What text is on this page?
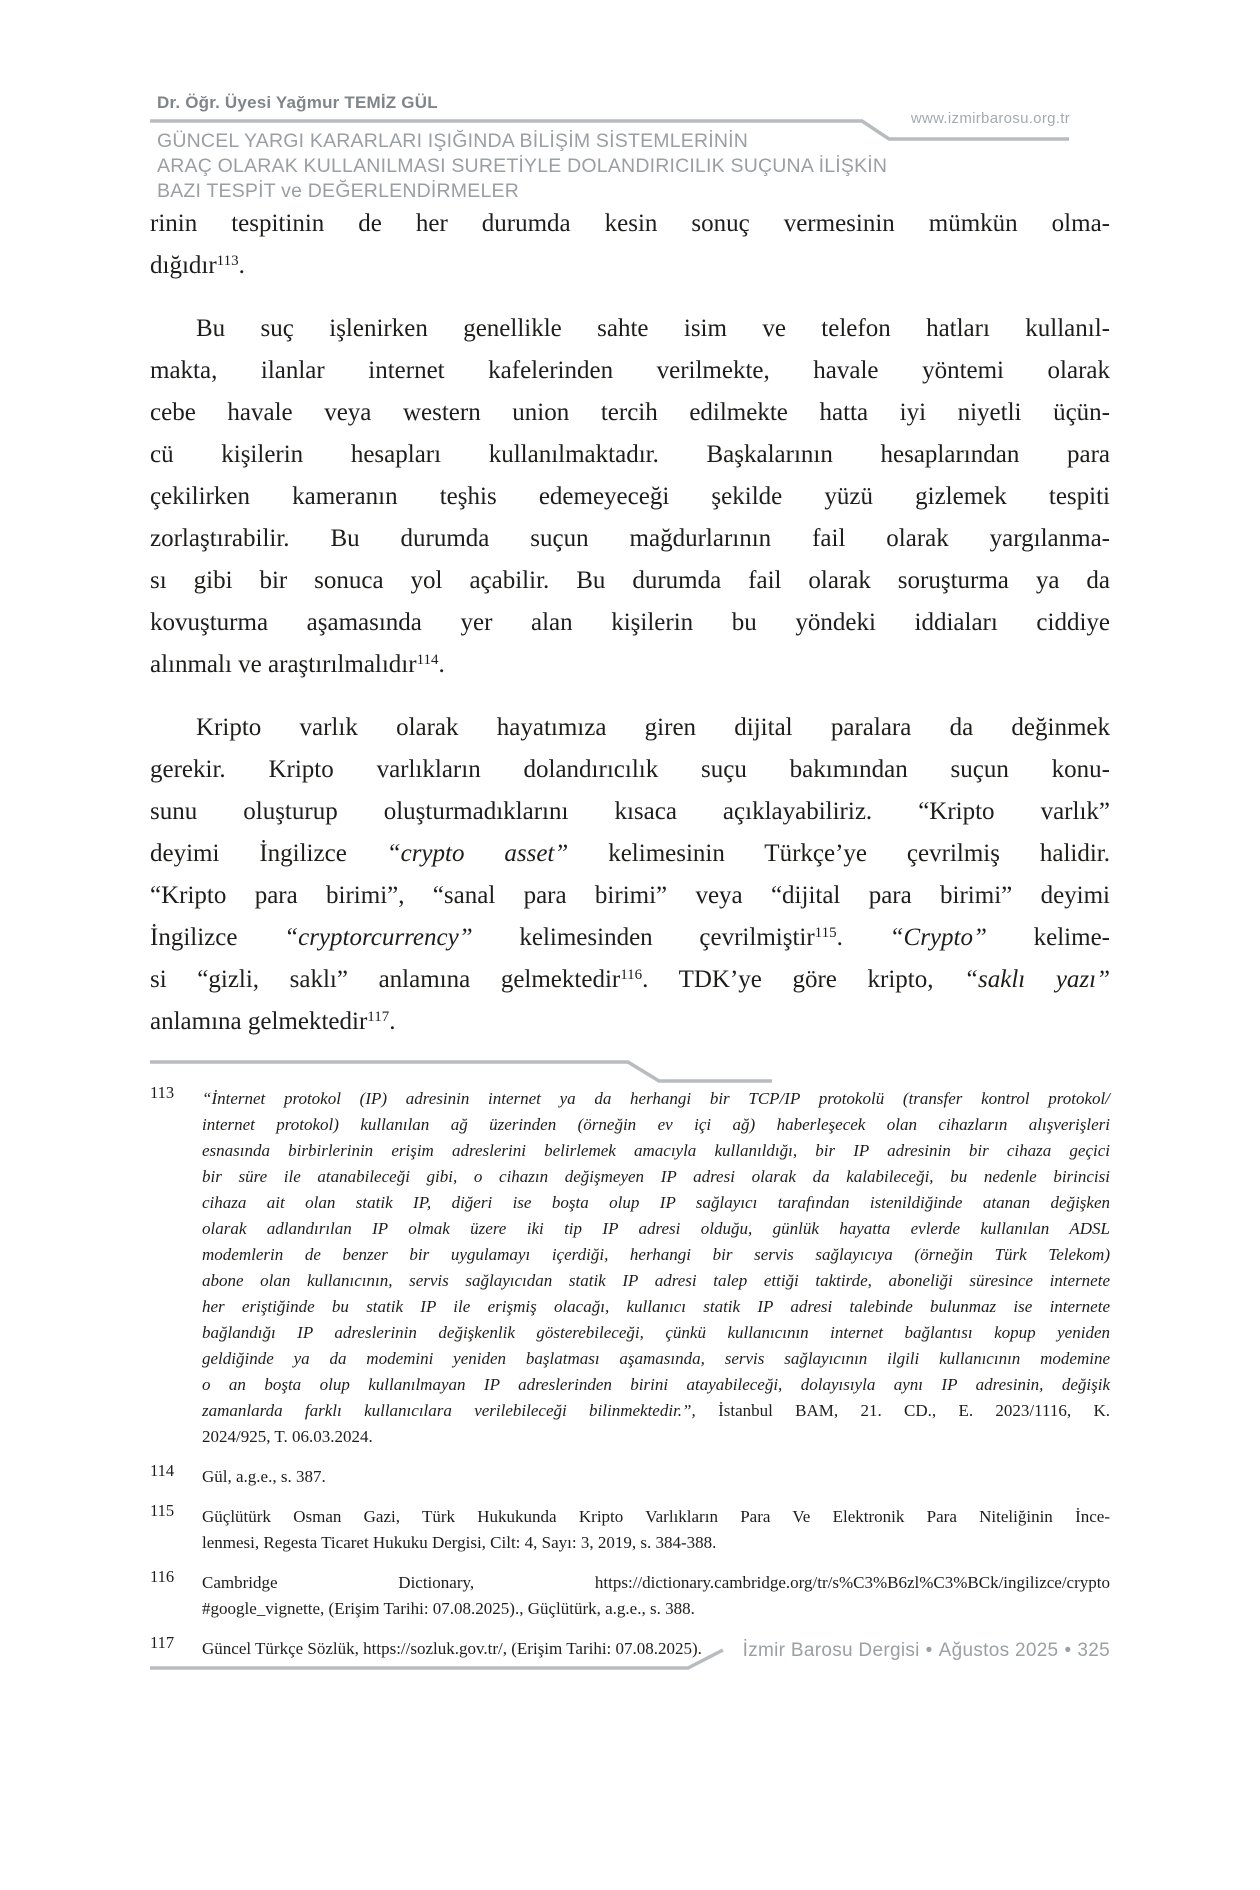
Dr. Öğr. Üyesi Yağmur TEMİZ GÜL
www.izmirbarosu.org.tr
GÜNCEL YARGI KARARLARI IŞIĞINDA BİLİŞİM SİSTEMLERİNİN
ARAÇ OLARAK KULLANILMASI SURETİYLE DOLANDIRICILIK SUÇUNA İLİŞKİN
BAZI TESPİT ve DEĞERLENDİRMELER
rinin tespitinin de her durumda kesin sonuç vermesinin mümkün olma-
dığıdır$^{113}$.
Bu suç işlenirken genellikle sahte isim ve telefon hatları kullanıl-
makta, ilanlar internet kafelerinden verilmekte, havale yöntemi olarak
cebe havale veya western union tercih edilmekte hatta iyi niyetli üçün-
cü kişilerin hesapları kullanılmaktadır. Başkalarının hesaplarından para
çekilirken kameranın teşhis edemeyeceği şekilde yüzü gizlemek tespiti
zorlaştırabilir. Bu durumda suçun mağdurlarının fail olarak yargılanma-
sı gibi bir sonuca yol açabilir. Bu durumda fail olarak soruşturma ya da
kovuşturma aşamasında yer alan kişilerin bu yöndeki iddiaları ciddiye
alınmalı ve araştırılmalıdır$^{114}$.
Kripto varlık olarak hayatımıza giren dijital paralara da değinmek
gerekir. Kripto varlıkların dolandırıcılık suçu bakımından suçun konu-
sunu oluşturup oluşturmadıklarını kısaca açıklayabiliriz. “Kripto varlık”
deyimi İngilizce “crypto asset” kelimesinin Türkçe’ye çevrilmiş halidir.
“Kripto para birimi”, “sanal para birimi” veya “dijital para birimi” deyimi
İngilizce “cryptorcurrency” kelimesinden çevrilmiştir$^{115}$. “Crypto” kelime-
si “gizli, saklı” anlamına gelmektedir$^{116}$. TDK’ye göre kripto, “saklı yazı”
anlamına gelmektedir$^{117}$.
113 “İnternet protokol (IP) adresinin internet ya da herhangi bir TCP/IP protokolü (transfer kontrol protokol/
internet protokol) kullanılan ağ üzerinden (örneğin ev içi ağ) haberleşecek olan cihazların alışverişleri
esnasında birbirlerinin erişim adreslerini belirlemek amacıyla kullanıldığı, bir IP adresinin bir cihaza geçici
bir süre ile atanabileceği gibi, o cihazın değişmeyen IP adresi olarak da kalabileceği, bu nedenle birincisi
cihaza ait olan statik IP, diğeri ise boşta olup IP sağlayıcı tarafından istenildiğinde atanan değişken
olarak adlandırılan IP olmak üzere iki tip IP adresi olduğu, günlük hayatta evlerde kullanılan ADSL
modemlerin de benzer bir uygulamayı içerdiği, herhangi bir servis sağlayıcıya (örneğin Türk Telekom)
abone olan kullanıcının, servis sağlayıcıdan statik IP adresi talep ettiği taktirde, aboneliği süresince internete
her eriştiğinde bu statik IP ile erişmiş olacağı, kullanıcı statik IP adresi talebinde bulunmaz ise internete
bağlandığı IP adreslerinin değişkenlik gösterebileceği, çünkü kullanıcının internet bağlantısı kopup yeniden
geldiğinde ya da modemini yeniden başlatması aşamasında, servis sağlayıcının ilgili kullanıcının modemine
o an boşta olup kullanılmayan IP adreslerinden birini atayabileceği, dolayısıyla aynı IP adresinin, değişik
zamanlarda farklı kullanıcılara verilebileceği bilinmektedir.”, İstanbul BAM, 21. CD., E. 2023/1116, K.
2024/925, T. 06.03.2024.
114 Gül, a.g.e., s. 387.
115 Güçlütürk Osman Gazi, Türk Hukukunda Kripto Varlıkların Para Ve Elektronik Para Niteliğinin İnce-
lenmesi, Regesta Ticaret Hukuku Dergisi, Cilt: 4, Sayı: 3, 2019, s. 384-388.
116 Cambridge Dictionary, https://dictionary.cambridge.org/tr/s%C3%B6zl%C3%BCk/ingilizce/crypto
#google_vignette, (Erişim Tarihi: 07.08.2025)., Güçlütürk, a.g.e., s. 388.
117 Güncel Türkçe Sözlük, https://sozluk.gov.tr/, (Erişim Tarihi: 07.08.2025).	İzmir Barosu Dergisi • Ağustos 2025 • 325
